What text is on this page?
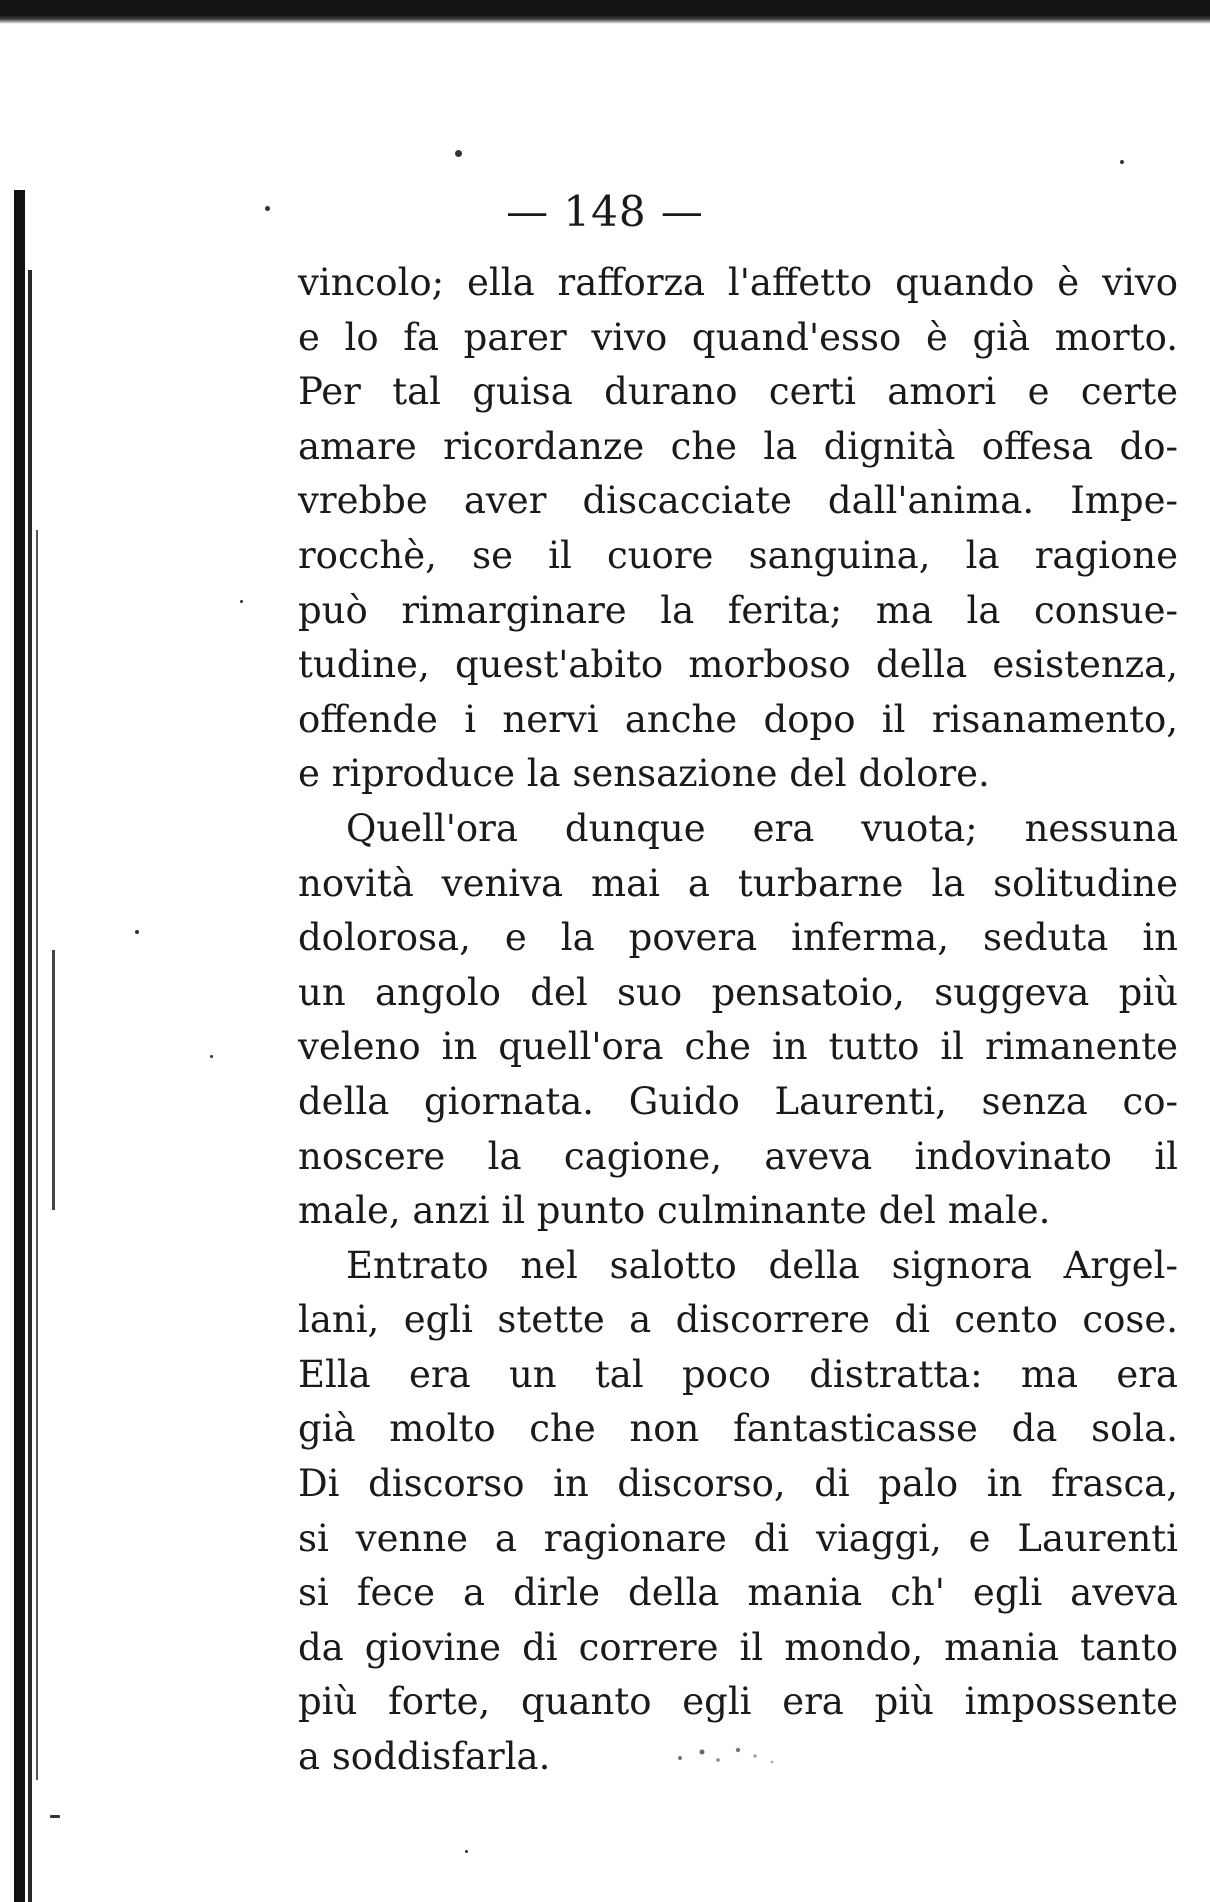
— 148 —
vincolo; ella rafforza l'affetto quando è vivo
e lo fa parer vivo quand'esso è già morto.
Per tal guisa durano certi amori e certe
amare ricordanze che la dignità offesa do-
vrebbe aver discacciate dall'anima. Impe-
rocchè, se il cuore sanguina, la ragione
può rimarginare la ferita; ma la consue-
tudine, quest'abito morboso della esistenza,
offende i nervi anche dopo il risanamento,
e riproduce la sensazione del dolore.
Quell'ora dunque era vuota; nessuna
novità veniva mai a turbarne la solitudine
dolorosa, e la povera inferma, seduta in
un angolo del suo pensatoio, suggeva più
veleno in quell'ora che in tutto il rimanente
della giornata. Guido Laurenti, senza co-
noscere la cagione, aveva indovinato il
male, anzi il punto culminante del male.
Entrato nel salotto della signora Argel-
lani, egli stette a discorrere di cento cose.
Ella era un tal poco distratta: ma era
già molto che non fantasticasse da sola.
Di discorso in discorso, di palo in frasca,
si venne a ragionare di viaggi, e Laurenti
si fece a dirle della mania ch' egli aveva
da giovine di correre il mondo, mania tanto
più forte, quanto egli era più impossente
a soddisfarla.
